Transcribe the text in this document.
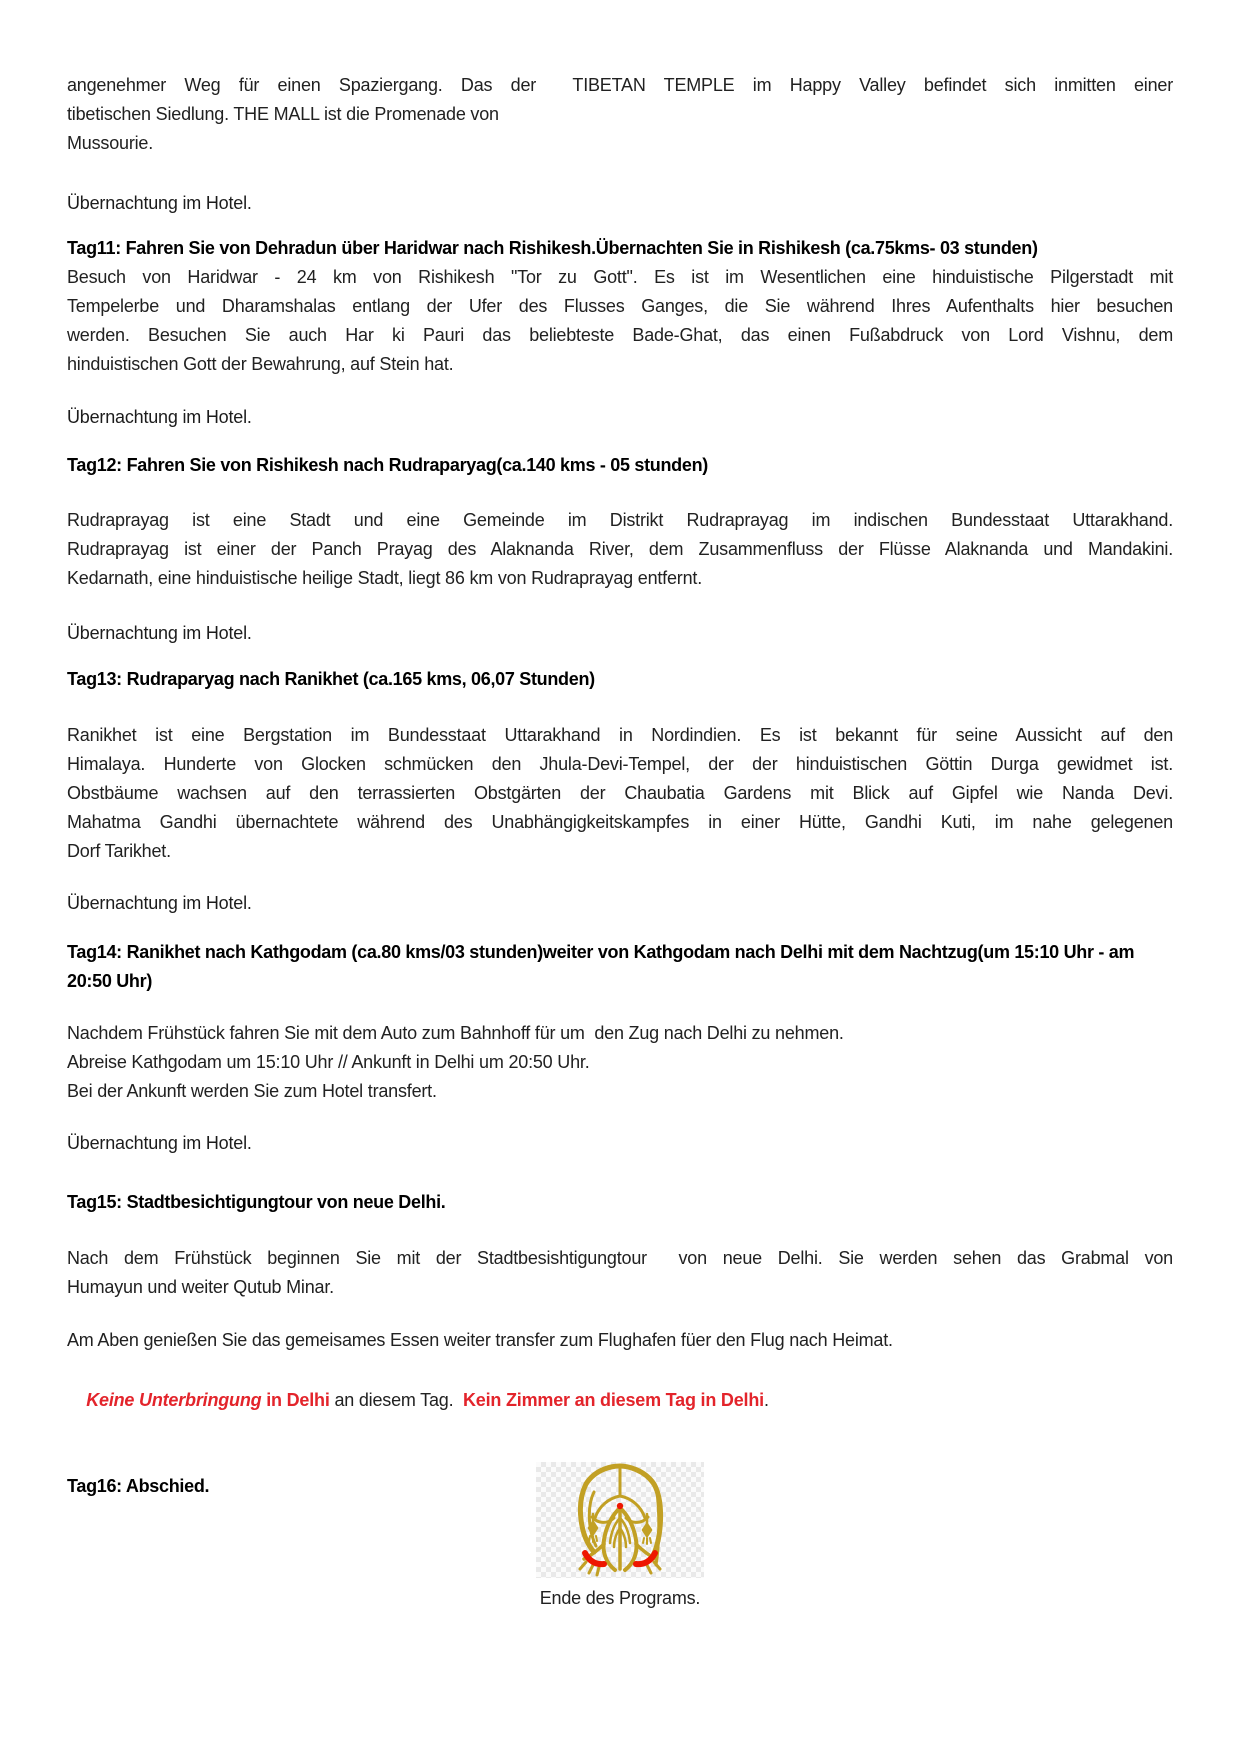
angenehmer Weg für einen Spaziergang. Das der  TIBETAN TEMPLE im Happy Valley befindet sich inmitten einer
tibetischen Siedlung. THE MALL ist die Promenade von
Mussourie.
Übernachtung im Hotel.
Tag11: Fahren Sie von Dehradun über Haridwar nach Rishikesh.Übernachten Sie in Rishikesh (ca.75kms- 03 stunden)
Besuch von Haridwar - 24 km von Rishikesh "Tor zu Gott". Es ist im Wesentlichen eine hinduistische Pilgerstadt mit
Tempelerbe und Dharamshalas entlang der Ufer des Flusses Ganges, die Sie während Ihres Aufenthalts hier besuchen
werden. Besuchen Sie auch Har ki Pauri das beliebteste Bade-Ghat, das einen Fußabdruck von Lord Vishnu, dem
hinduistischen Gott der Bewahrung, auf Stein hat.
Übernachtung im Hotel.
Tag12: Fahren Sie von Rishikesh nach Rudraparyag(ca.140 kms - 05 stunden)
Rudraprayag ist eine Stadt und eine Gemeinde im Distrikt Rudraprayag im indischen Bundesstaat Uttarakhand.
Rudraprayag ist einer der Panch Prayag des Alaknanda River, dem Zusammenfluss der Flüsse Alaknanda und Mandakini.
Kedarnath, eine hinduistische heilige Stadt, liegt 86 km von Rudraprayag entfernt.
Übernachtung im Hotel.
Tag13: Rudraparyag nach Ranikhet (ca.165 kms, 06,07 Stunden)
Ranikhet ist eine Bergstation im Bundesstaat Uttarakhand in Nordindien. Es ist bekannt für seine Aussicht auf den
Himalaya. Hunderte von Glocken schmücken den Jhula-Devi-Tempel, der der hinduistischen Göttin Durga gewidmet ist.
Obstbäume wachsen auf den terrassierten Obstgärten der Chaubatia Gardens mit Blick auf Gipfel wie Nanda Devi.
Mahatma Gandhi übernachtete während des Unabhängigkeitskampfes in einer Hütte, Gandhi Kuti, im nahe gelegenen
Dorf Tarikhet.
Übernachtung im Hotel.
Tag14: Ranikhet nach Kathgodam (ca.80 kms/03 stunden)weiter von Kathgodam nach Delhi mit dem Nachtzug(um 15:10 Uhr - am 20:50 Uhr)
Nachdem Frühstück fahren Sie mit dem Auto zum Bahnhoff für um  den Zug nach Delhi zu nehmen.
Abreise Kathgodam um 15:10 Uhr // Ankunft in Delhi um 20:50 Uhr.
Bei der Ankunft werden Sie zum Hotel transfert.
Übernachtung im Hotel.
Tag15: Stadtbesichtigungtour von neue Delhi.
Nach dem Frühstück beginnen Sie mit der Stadtbesishtigungtour  von neue Delhi. Sie werden sehen das Grabmal von
Humayun und weiter Qutub Minar.
Am Aben genießen Sie das gemeisames Essen weiter transfer zum Flughafen füer den Flug nach Heimat.

Keine Unterbringung in Delhi an diesem Tag.  Kein Zimmer an diesem Tag in Delhi.

Tag16: Abschied.
Ende des Programs.
